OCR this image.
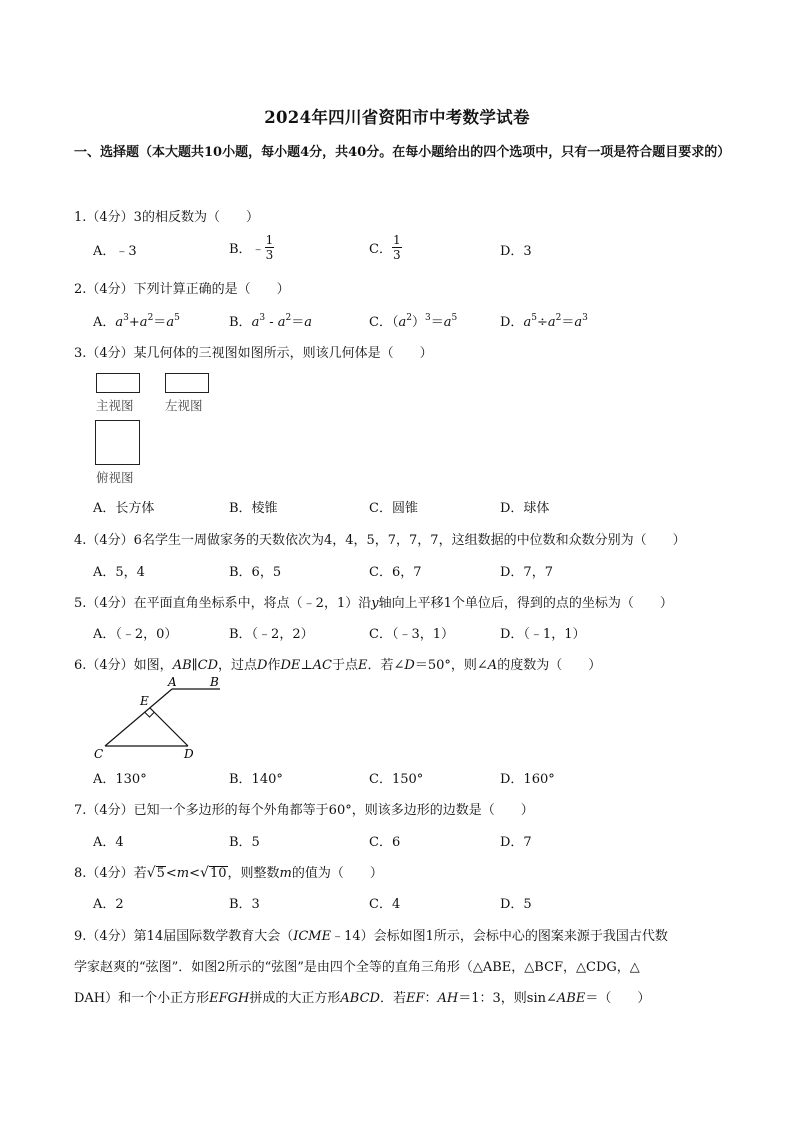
2024年四川省资阳市中考数学试卷
一、选择题（本大题共10小题，每小题4分，共40分。在每小题给出的四个选项中，只有一项是符合题目要求的）
1.（4分）3的相反数为（　　）
A．﹣3	B．﹣ $\frac{1}{3}$	C． $\frac{1}{3}$	D．3
2.（4分）下列计算正确的是（　　）
A．$a^3+a^2=a^5$	B．$a^3 - a^2=a$	C．$(a^2)^3=a^5$	D．$a^5\div a^2=a^3$
3.（4分）某几何体的三视图如图所示，则该几何体是（　　）
主视图	左视图
俯视图
A．长方体	B．棱锥	C．圆锥	D．球体
4.（4分）6名学生一周做家务的天数依次为4，4，5，7，7，7，这组数据的中位数和众数分别为（　　）
A．5，4	B．6，5	C．6，7	D．7，7
5.（4分）在平面直角坐标系中，将点（﹣2，1）沿y轴向上平移1个单位后，得到的点的坐标为（　　）
A．（﹣2，0）	B．（﹣2，2）	C．（﹣3，1）	D．（﹣1，1）
6.（4分）如图，AB∥CD，过点D作DE⊥AC于点E．若∠D＝50°，则∠A的度数为（　　）
A	B
C	D
E
A．130°	B．140°	C．150°	D．160°
7.（4分）已知一个多边形的每个外角都等于60°，则该多边形的边数是（　　）
A．4	B．5	C．6	D．7
8.（4分）若√5<m<√10，则整数m的值为（　　）
A．2	B．3	C．4	D．5
9.（4分）第14届国际数学教育大会（ICME﹣14）会标如图1所示，会标中心的图案来源于我国古代数
学家赵爽的“弦图”．如图2所示的“弦图”是由四个全等的直角三角形（△ABE，△BCF，△CDG，△
DAH）和一个小正方形EFGH拼成的大正方形ABCD．若EF：AH＝1：3，则sin∠ABE＝（　　）
